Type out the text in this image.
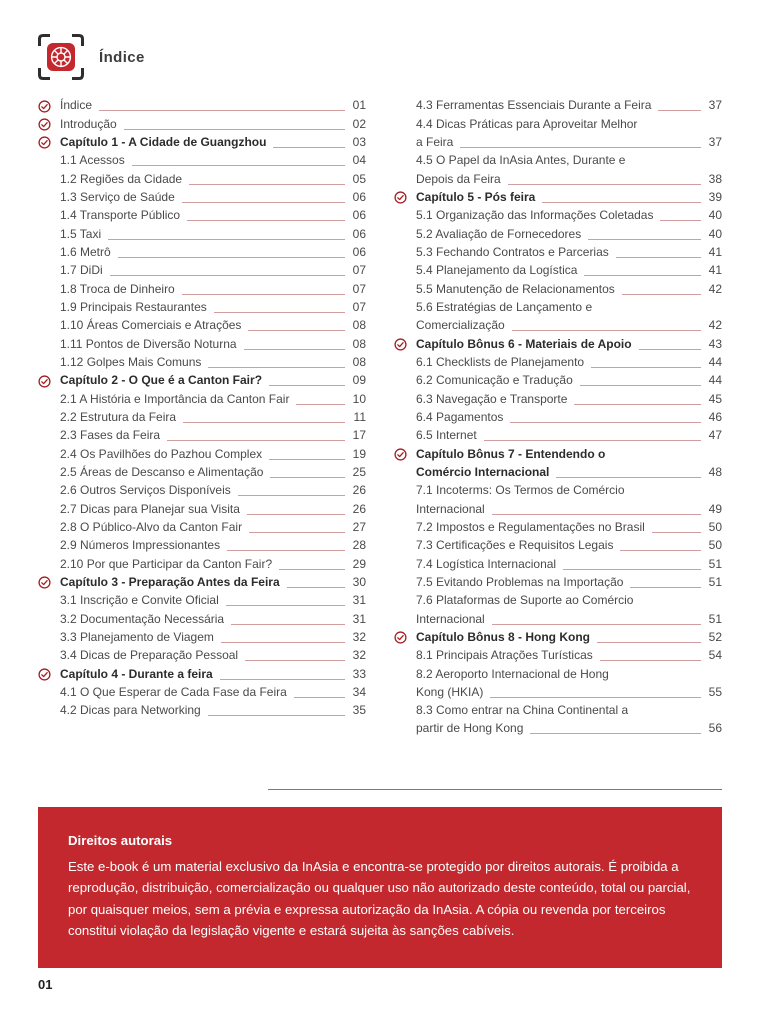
Índice
Índice	01
Introdução	02
Capítulo 1 - A Cidade de Guangzhou	03
1.1 Acessos	04
1.2 Regiões da Cidade	05
1.3 Serviço de Saúde	06
1.4 Transporte Público	06
1.5 Taxi	06
1.6 Metrô	06
1.7 DiDi	07
1.8 Troca de Dinheiro	07
1.9 Principais Restaurantes	07
1.10 Áreas Comerciais e Atrações	08
1.11 Pontos de Diversão Noturna	08
1.12 Golpes Mais Comuns	08
Capítulo 2 - O Que é a Canton Fair?	09
2.1 A História e Importância da Canton Fair	10
2.2 Estrutura da Feira	11
2.3 Fases da Feira	17
2.4 Os Pavilhões do Pazhou Complex	19
2.5 Áreas de Descanso e Alimentação	25
2.6 Outros Serviços Disponíveis	26
2.7 Dicas para Planejar sua Visita	26
2.8 O Público-Alvo da Canton Fair	27
2.9 Números Impressionantes	28
2.10 Por que Participar da Canton Fair?	29
Capítulo 3 - Preparação Antes da Feira	30
3.1 Inscrição e Convite Oficial	31
3.2 Documentação Necessária	31
3.3 Planejamento de Viagem	32
3.4 Dicas de Preparação Pessoal	32
Capítulo 4 - Durante a feira	33
4.1 O Que Esperar de Cada Fase da Feira	34
4.2 Dicas para Networking	35
4.3 Ferramentas Essenciais Durante a Feira	37
4.4 Dicas Práticas para Aproveitar Melhor
a Feira	37
4.5 O Papel da InAsia Antes, Durante e
Depois da Feira	38
Capítulo 5 - Pós feira	39
5.1 Organização das Informações Coletadas	40
5.2 Avaliação de Fornecedores	40
5.3 Fechando Contratos e Parcerias	41
5.4 Planejamento da Logística	41
5.5 Manutenção de Relacionamentos	42
5.6 Estratégias de Lançamento e
Comercialização	42
Capítulo Bônus 6 - Materiais de Apoio	43
6.1 Checklists de Planejamento	44
6.2 Comunicação e Tradução	44
6.3 Navegação e Transporte	45
6.4 Pagamentos	46
6.5 Internet	47
Capítulo Bônus 7 - Entendendo o
Comércio Internacional	48
7.1 Incoterms: Os Termos de Comércio
Internacional	49
7.2 Impostos e Regulamentações no Brasil	50
7.3 Certificações e Requisitos Legais	50
7.4 Logística Internacional	51
7.5 Evitando Problemas na Importação	51
7.6 Plataformas de Suporte ao Comércio
Internacional	51
Capítulo Bônus 8 - Hong Kong	52
8.1 Principais Atrações Turísticas	54
8.2 Aeroporto Internacional de Hong
Kong (HKIA)	55
8.3 Como entrar na China Continental a
partir de Hong Kong	56

Direitos autorais

Este e-book é um material exclusivo da InAsia e encontra-se protegido por direitos autorais. É proibida a reprodução, distribuição, comercialização ou qualquer uso não autorizado deste conteúdo, total ou parcial, por quaisquer meios, sem a prévia e expressa autorização da InAsia. A cópia ou revenda por terceiros constitui violação da legislação vigente e estará sujeita às sanções cabíveis.

01
